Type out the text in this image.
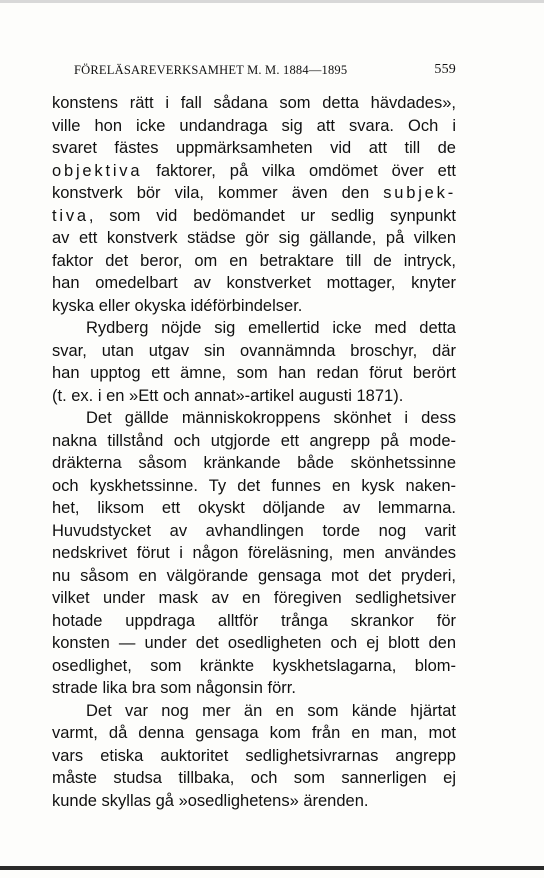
FÖRELÄSAREVERKSAMHET M. M. 1884—1895	559
konstens rätt i fall sådana som detta hävdades»,
ville hon icke undandraga sig att svara. Och i
svaret fästes uppmärksamheten vid att till de
objektiva faktorer, på vilka omdömet över ett
konstverk bör vila, kommer även den subjek-
tiva, som vid bedömandet ur sedlig synpunkt
av ett konstverk städse gör sig gällande, på vilken
faktor det beror, om en betraktare till de intryck,
han omedelbart av konstverket mottager, knyter
kyska eller okyska idéförbindelser.
Rydberg nöjde sig emellertid icke med detta
svar, utan utgav sin ovannämnda broschyr, där
han upptog ett ämne, som han redan förut berört
(t. ex. i en »Ett och annat»-artikel augusti 1871).
Det gällde människokroppens skönhet i dess
nakna tillstånd och utgjorde ett angrepp på mode-
dräkterna såsom kränkande både skönhetssinne
och kyskhetssinne. Ty det funnes en kysk naken-
het, liksom ett okyskt döljande av lemmarna.
Huvudstycket av avhandlingen torde nog varit
nedskrivet förut i någon föreläsning, men användes
nu såsom en välgörande gensaga mot det pryderi,
vilket under mask av en föregiven sedlighetsiver
hotade uppdraga alltför trånga skrankor för
konsten — under det osedligheten och ej blott den
osedlighet, som kränkte kyskhetslagarna, blom-
strade lika bra som någonsin förr.
Det var nog mer än en som kände hjärtat
varmt, då denna gensaga kom från en man, mot
vars etiska auktoritet sedlighetsivrarnas angrepp
måste studsa tillbaka, och som sannerligen ej
kunde skyllas gå »osedlighetens» ärenden.
